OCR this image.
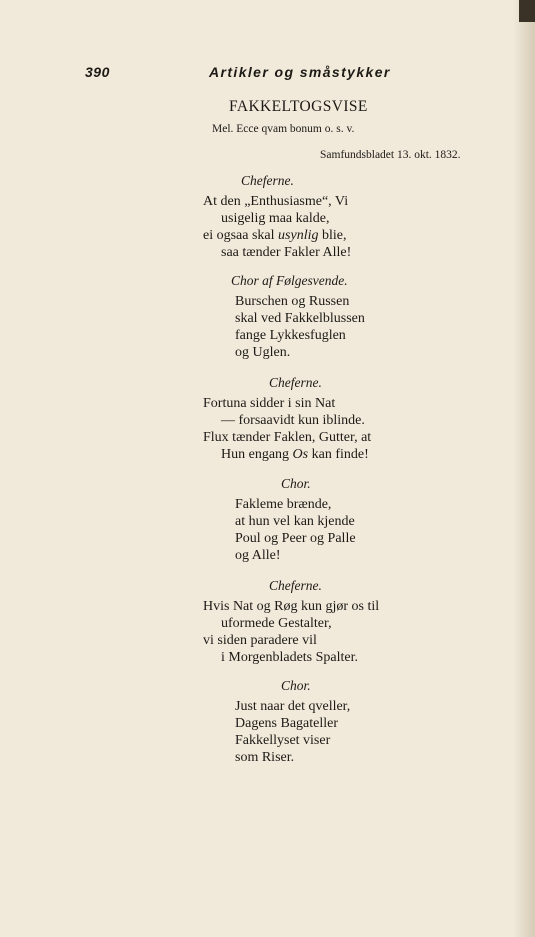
390	Artikler og småstykker
FAKKELTOGSVISE
Mel. Ecce qvam bonum o. s. v.
Samfundsbladet 13. okt. 1832.
Cheferne.
At den „Enthusiasme“, Vi
usigelig maa kalde,
ei ogsaa skal usynlig blie,
saa tænder Fakler Alle!
Chor af Følgesvende.
Burschen og Russen
skal ved Fakkelblussen
fange Lykkesfuglen
og Uglen.
Cheferne.
Fortuna sidder i sin Nat
— forsaavidt kun iblinde.
Flux tænder Faklen, Gutter, at
Hun engang Os kan finde!
Chor.
Fakleme brænde,
at hun vel kan kjende
Poul og Peer og Palle
og Alle!
Cheferne.
Hvis Nat og Røg kun gjør os til
uformede Gestalter,
vi siden paradere vil
i Morgenbladets Spalter.
Chor.
Just naar det qveller,
Dagens Bagateller
Fakkellyset viser
som Riser.
